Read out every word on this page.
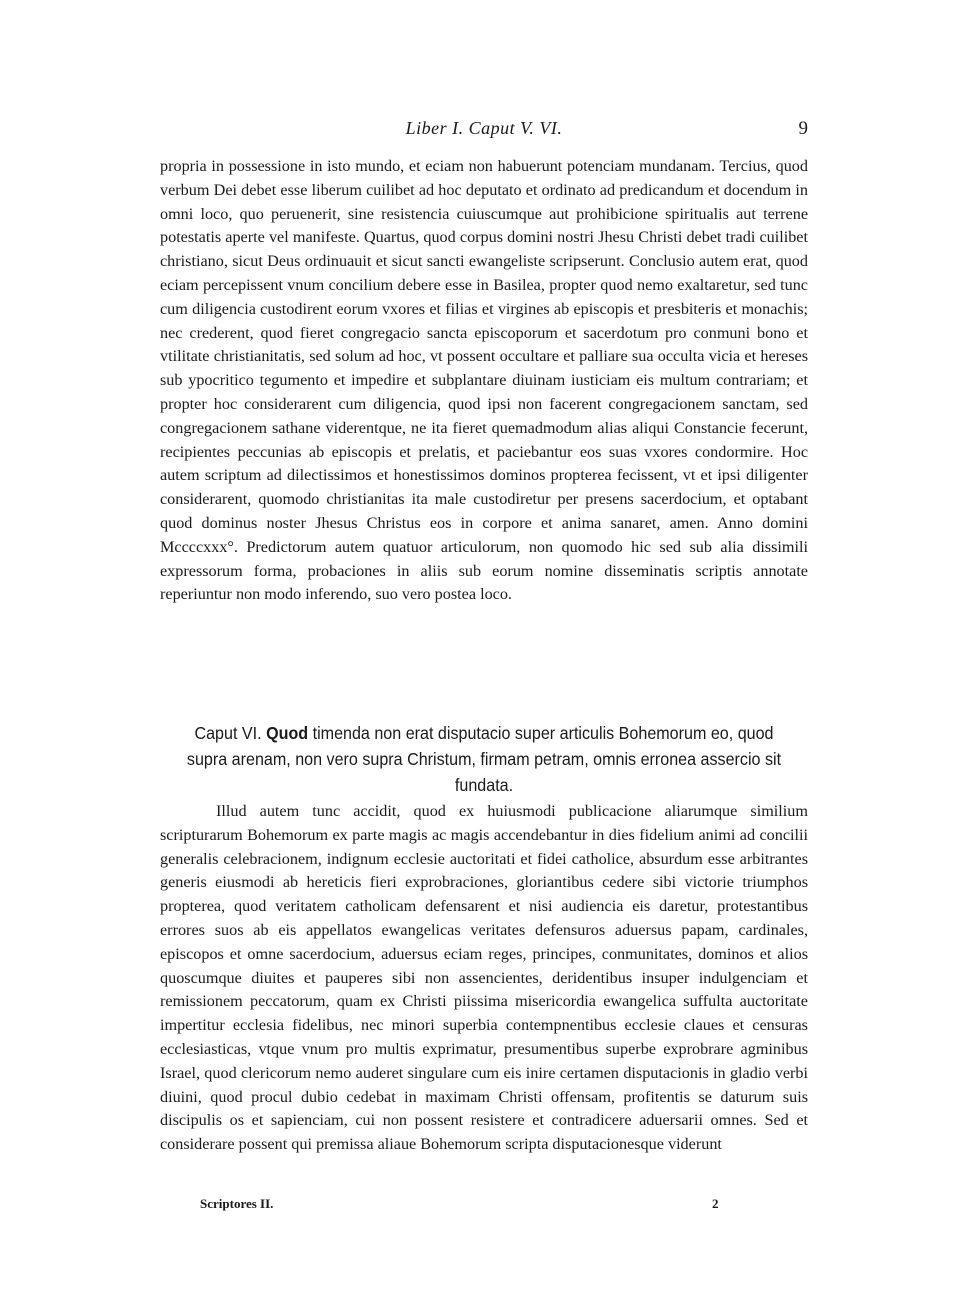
Liber I. Caput V. VI.	9

propria in possessione in isto mundo, et eciam non habuerunt potenciam mundanam. Tercius, quod verbum Dei debet esse liberum cuilibet ad hoc deputato et ordinato ad predicandum et docendum in omni loco, quo peruenerit, sine resistencia cuiuscumque aut prohibicione spiritualis aut terrene potestatis aperte vel manifeste. Quartus, quod corpus domini nostri Jhesu Christi debet tradi cuilibet christiano, sicut Deus ordinuauit et sicut sancti ewangeliste scripserunt. Conclusio autem erat, quod eciam percepissent vnum concilium debere esse in Basilea, propter quod nemo exaltaretur, sed tunc cum diligencia custodirent eorum vxores et filias et virgines ab episcopis et presbiteris et monachis; nec crederent, quod fieret congregacio sancta episcoporum et sacerdotum pro conmuni bono et vtilitate christianitatis, sed solum ad hoc, vt possent occultare et palliare sua occulta vicia et hereses sub ypocritico tegumento et impedire et subplantare diuinam iusticiam eis multum contrariam; et propter hoc considerarent cum diligencia, quod ipsi non facerent congregacionem sanctam, sed congregacionem sathane viderentque, ne ita fieret quemadmodum alias aliqui Constancie fecerunt, recipientes peccunias ab episcopis et prelatis, et paciebantur eos suas vxores condormire. Hoc autem scriptum ad dilectissimos et honestissimos dominos propterea fecissent, vt et ipsi diligenter considerarent, quomodo christianitas ita male custodiretur per presens sacerdocium, et optabant quod dominus noster Jhesus Christus eos in corpore et anima sanaret, amen. Anno domini Mccccxxx°. Predictorum autem quatuor articulorum, non quomodo hic sed sub alia dissimili expressorum forma, probaciones in aliis sub eorum nomine disseminatis scriptis annotate reperiuntur non modo inferendo, suo vero postea loco.

Caput VI. Quod timenda non erat disputacio super articulis Bohemorum eo, quod supra arenam, non vero supra Christum, firmam petram, omnis erronea assercio sit fundata.

Illud autem tunc accidit, quod ex huiusmodi publicacione aliarumque similium scripturarum Bohemorum ex parte magis ac magis accendebantur in dies fidelium animi ad concilii generalis celebracionem, indignum ecclesie auctoritati et fidei catholice, absurdum esse arbitrantes generis eiusmodi ab hereticis fieri exprobraciones, gloriantibus cedere sibi victorie triumphos propterea, quod veritatem catholicam defensarent et nisi audiencia eis daretur, protestantibus errores suos ab eis appellatos ewangelicas veritates defensuros aduersus papam, cardinales, episcopos et omne sacerdocium, aduersus eciam reges, principes, conmunitates, dominos et alios quoscumque diuites et pauperes sibi non assencientes, deridentibus insuper indulgenciam et remissionem peccatorum, quam ex Christi piissima misericordia ewangelica suffulta auctoritate impertitur ecclesia fidelibus, nec minori superbia contempnentibus ecclesie claues et censuras ecclesiasticas, vtque vnum pro multis exprimatur, presumentibus superbe exprobrare agminibus Israel, quod clericorum nemo auderet singulare cum eis inire certamen disputacionis in gladio verbi diuini, quod procul dubio cedebat in maximam Christi offensam, profitentis se daturum suis discipulis os et sapienciam, cui non possent resistere et contradicere aduersarii omnes. Sed et considerare possent qui premissa aliaue Bohemorum scripta disputacionesque viderunt

Scriptores II.	2
